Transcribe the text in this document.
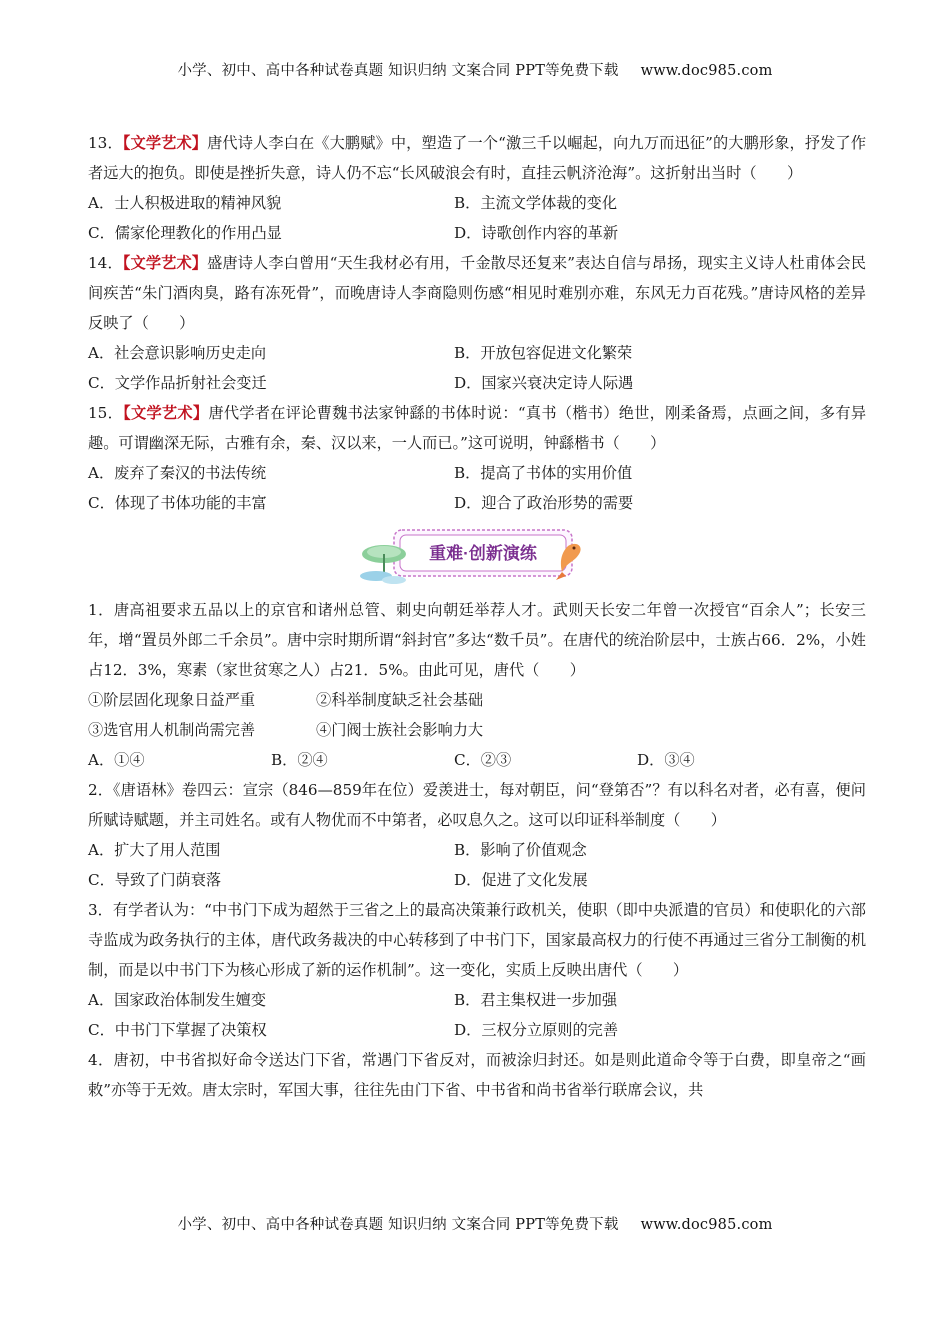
小学、初中、高中各种试卷真题 知识归纳 文案合同 PPT等免费下载 www.doc985.com

13．【文学艺术】唐代诗人李白在《大鹏赋》中，塑造了一个“激三千以崛起，向九万而迅征”的大鹏形象，抒发了作者远大的抱负。即使是挫折失意，诗人仍不忘“长风破浪会有时，直挂云帆济沧海”。这折射出当时（　　）

A．士人积极进取的精神风貌	B．主流文学体裁的变化
C．儒家伦理教化的作用凸显	D．诗歌创作内容的革新

14．【文学艺术】盛唐诗人李白曾用“天生我材必有用，千金散尽还复来”表达自信与昂扬，现实主义诗人杜甫体会民间疾苦“朱门酒肉臭，路有冻死骨”，而晚唐诗人李商隐则伤感“相见时难别亦难，东风无力百花残。”唐诗风格的差异反映了（　　）

A．社会意识影响历史走向	B．开放包容促进文化繁荣
C．文学作品折射社会变迁	D．国家兴衰决定诗人际遇

15．【文学艺术】唐代学者在评论曹魏书法家钟繇的书体时说：“真书（楷书）绝世，刚柔备焉，点画之间，多有异趣。可谓幽深无际，古雅有余，秦、汉以来，一人而已。”这可说明，钟繇楷书（　　）

A．废弃了秦汉的书法传统	B．提高了书体的实用价值
C．体现了书体功能的丰富	D．迎合了政治形势的需要
重难·创新演练

1．唐高祖要求五品以上的京官和诸州总管、刺史向朝廷举荐人才。武则天长安二年曾一次授官“百余人”；长安三年，增“置员外郎二千余员”。唐中宗时期所谓“斜封官”多达“数千员”。在唐代的统治阶层中，士族占66．2%，小姓占12．3%，寒素（家世贫寒之人）占21．5%。由此可见，唐代（　　）

①阶层固化现象日益严重	②科举制度缺乏社会基础
③选官用人机制尚需完善	④门阀士族社会影响力大
A．①④	B．②④	C．②③	D．③④

2．《唐语林》卷四云：宣宗（846—859年在位）爱羡进士，每对朝臣，问“登第否”？有以科名对者，必有喜，便问所赋诗赋题，并主司姓名。或有人物优而不中第者，必叹息久之。这可以印证科举制度（　　）

A．扩大了用人范围	B．影响了价值观念
C．导致了门荫衰落	D．促进了文化发展

3．有学者认为：“中书门下成为超然于三省之上的最高决策兼行政机关，使职（即中央派遣的官员）和使职化的六部寺监成为政务执行的主体，唐代政务裁决的中心转移到了中书门下，国家最高权力的行使不再通过三省分工制衡的机制，而是以中书门下为核心形成了新的运作机制”。这一变化，实质上反映出唐代（　　）

A．国家政治体制发生嬗变	B．君主集权进一步加强
C．中书门下掌握了决策权	D．三权分立原则的完善

4．唐初，中书省拟好命令送达门下省，常遇门下省反对，而被涂归封还。如是则此道命令等于白费，即皇帝之“画敕”亦等于无效。唐太宗时，军国大事，往往先由门下省、中书省和尚书省举行联席会议，共

小学、初中、高中各种试卷真题 知识归纳 文案合同 PPT等免费下载 www.doc985.com
